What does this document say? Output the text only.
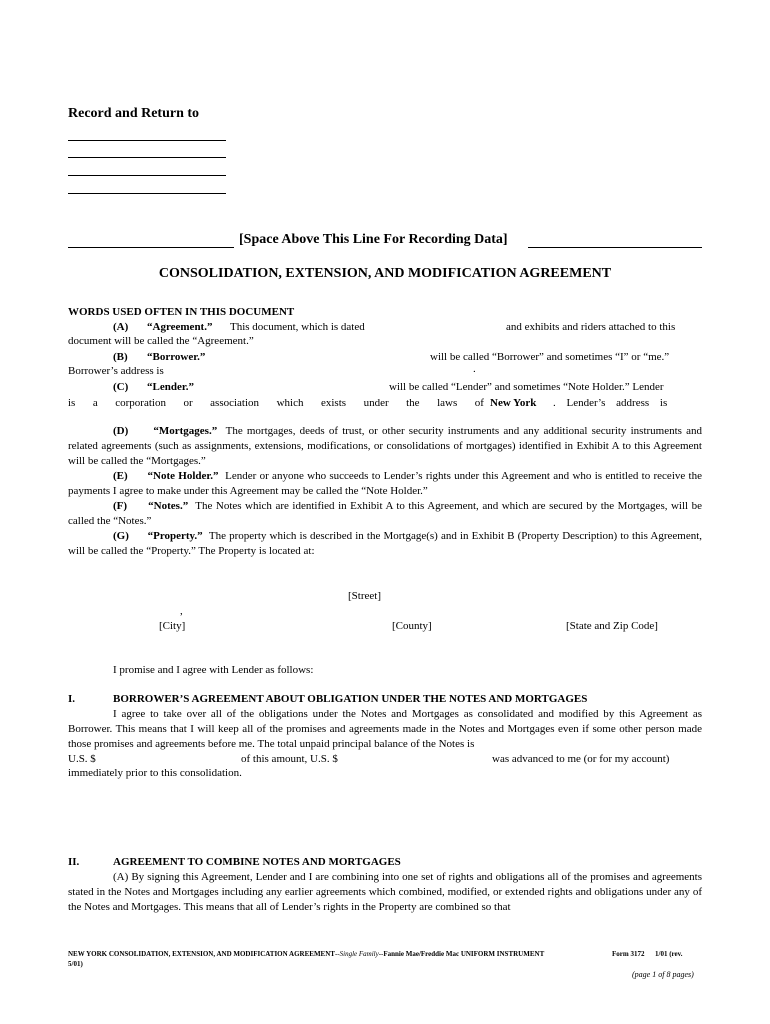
Record and Return to
[Space Above This Line For Recording Data]
CONSOLIDATION, EXTENSION, AND MODIFICATION AGREEMENT
WORDS USED OFTEN IN THIS DOCUMENT
(A) “Agreement.” This document, which is dated	and exhibits and riders attached to this
document will be called the “Agreement.”
(B) “Borrower.”	will be called “Borrower” and sometimes “I” or “me.”
Borrower’s address is	.
(C) “Lender.”	will be called “Lender” and sometimes “Note Holder.” Lender
is a corporation or association which exists under the laws of New York . Lender’s address is
(D) “Mortgages.” The mortgages, deeds of trust, or other security instruments and any additional security instruments and related agreements (such as assignments, extensions, modifications, or consolidations of mortgages) identified in Exhibit A to this Agreement will be called the “Mortgages.”
(E) “Note Holder.” Lender or anyone who succeeds to Lender’s rights under this Agreement and who is entitled to receive the payments I agree to make under this Agreement may be called the “Note Holder.”
(F) “Notes.” The Notes which are identified in Exhibit A to this Agreement, and which are secured by the Mortgages, will be called the “Notes.”
(G) “Property.” The property which is described in the Mortgage(s) and in Exhibit B (Property Description) to this Agreement, will be called the “Property.” The Property is located at:
[Street]
,
[City]	[County]	[State and Zip Code]
I promise and I agree with Lender as follows:
I.	BORROWER’S AGREEMENT ABOUT OBLIGATION UNDER THE NOTES AND MORTGAGES
I agree to take over all of the obligations under the Notes and Mortgages as consolidated and modified by this Agreement as Borrower. This means that I will keep all of the promises and agreements made in the Notes and Mortgages even if some other person made those promises and agreements before me. The total unpaid principal balance of the Notes is
U.S. $	of this amount, U.S. $	was advanced to me (or for my account)
immediately prior to this consolidation.
II.	AGREEMENT TO COMBINE NOTES AND MORTGAGES
(A) By signing this Agreement, Lender and I are combining into one set of rights and obligations all of the promises and agreements stated in the Notes and Mortgages including any earlier agreements which combined, modified, or extended rights and obligations under any of the Notes and Mortgages. This means that all of Lender’s rights in the Property are combined so that
NEW YORK CONSOLIDATION, EXTENSION, AND MODIFICATION AGREEMENT--Single Family--Fannie Mae/Freddie Mac UNIFORM INSTRUMENT	Form 3172 1/01 (rev.
5/01)
(page 1 of 8 pages)
